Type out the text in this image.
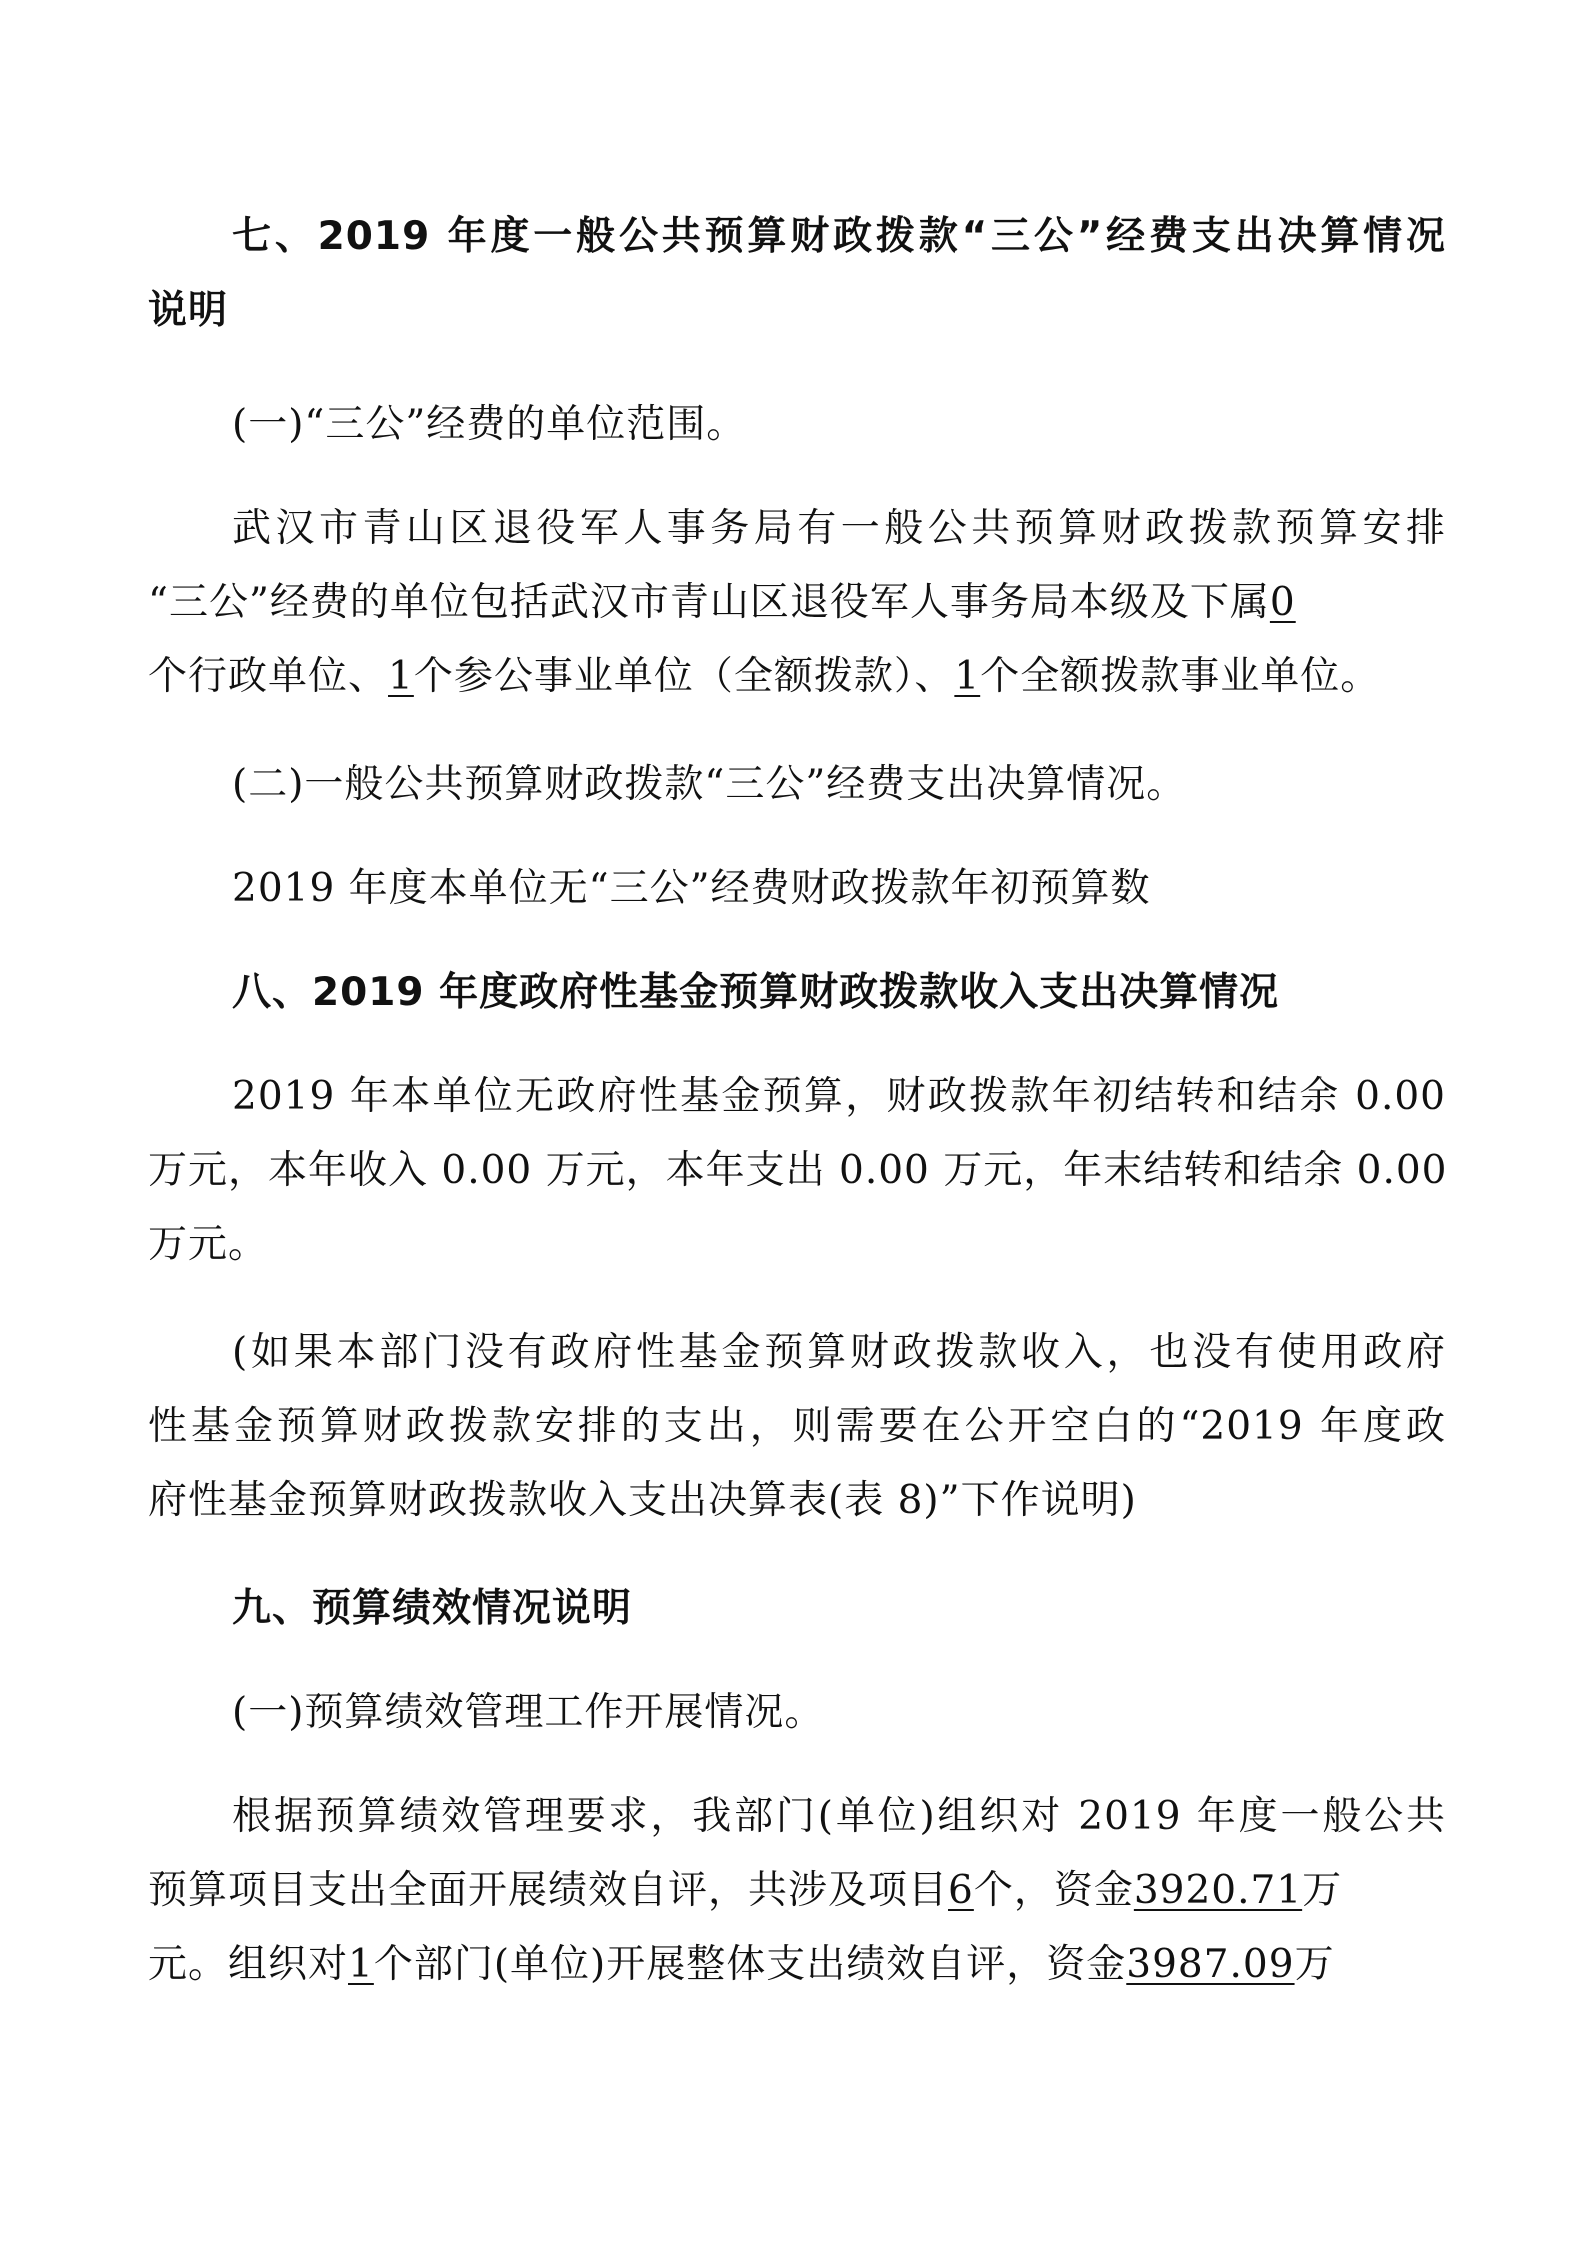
七、2019 年度一般公共预算财政拨款“三公”经费支出决算情况
说明
(一)“三公”经费的单位范围。
武汉市青山区退役军人事务局有一般公共预算财政拨款预算安排
“三公”经费的单位包括武汉市青山区退役军人事务局本级及下属0
个行政单位、1个参公事业单位（全额拨款）、1个全额拨款事业单位。
(二)一般公共预算财政拨款“三公”经费支出决算情况。
2019 年度本单位无“三公”经费财政拨款年初预算数
八、2019 年度政府性基金预算财政拨款收入支出决算情况
2019 年本单位无政府性基金预算，财政拨款年初结转和结余 0.00
万元，本年收入 0.00 万元，本年支出 0.00 万元，年末结转和结余 0.00
万元。
(如果本部门没有政府性基金预算财政拨款收入，也没有使用政府
性基金预算财政拨款安排的支出，则需要在公开空白的“2019 年度政
府性基金预算财政拨款收入支出决算表(表 8)”下作说明)
九、预算绩效情况说明
(一)预算绩效管理工作开展情况。
根据预算绩效管理要求，我部门(单位)组织对 2019 年度一般公共
预算项目支出全面开展绩效自评，共涉及项目6个，资金3920.71万
元。组织对1个部门(单位)开展整体支出绩效自评，资金3987.09万
